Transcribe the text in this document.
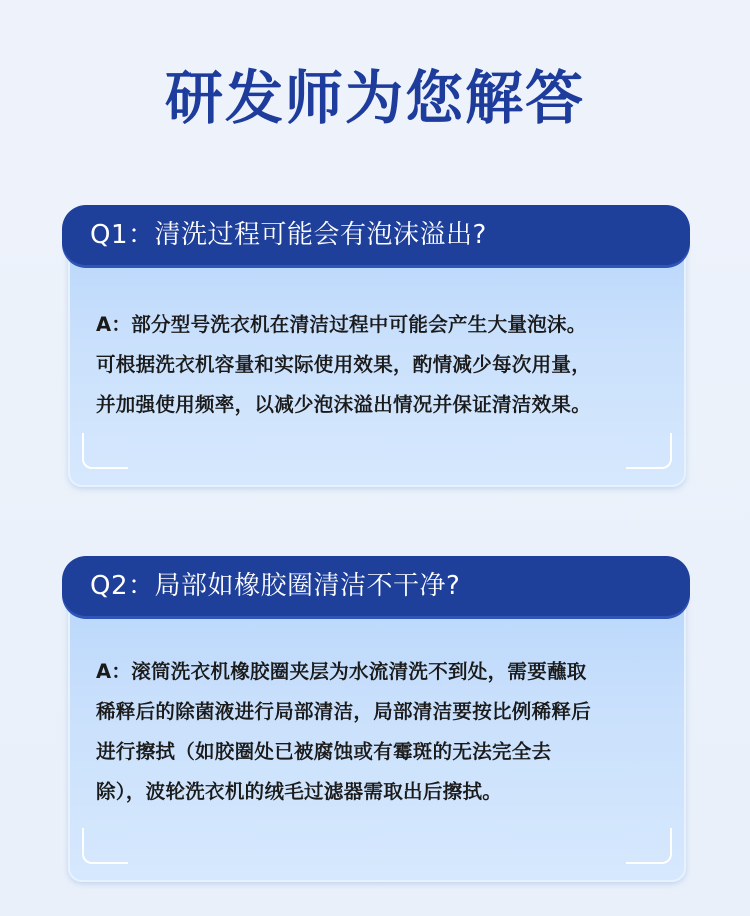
研发师为您解答
Q1：清洗过程可能会有泡沫溢出?
A：部分型号洗衣机在清洁过程中可能会产生大量泡沫。
可根据洗衣机容量和实际使用效果，酌情减少每次用量，
并加强使用频率，以减少泡沫溢出情况并保证清洁效果。
Q2：局部如橡胶圈清洁不干净?
A：滚筒洗衣机橡胶圈夹层为水流清洗不到处，需要蘸取
稀释后的除菌液进行局部清洁，局部清洁要按比例稀释后
进行擦拭（如胶圈处已被腐蚀或有霉斑的无法完全去
除），波轮洗衣机的绒毛过滤器需取出后擦拭。
